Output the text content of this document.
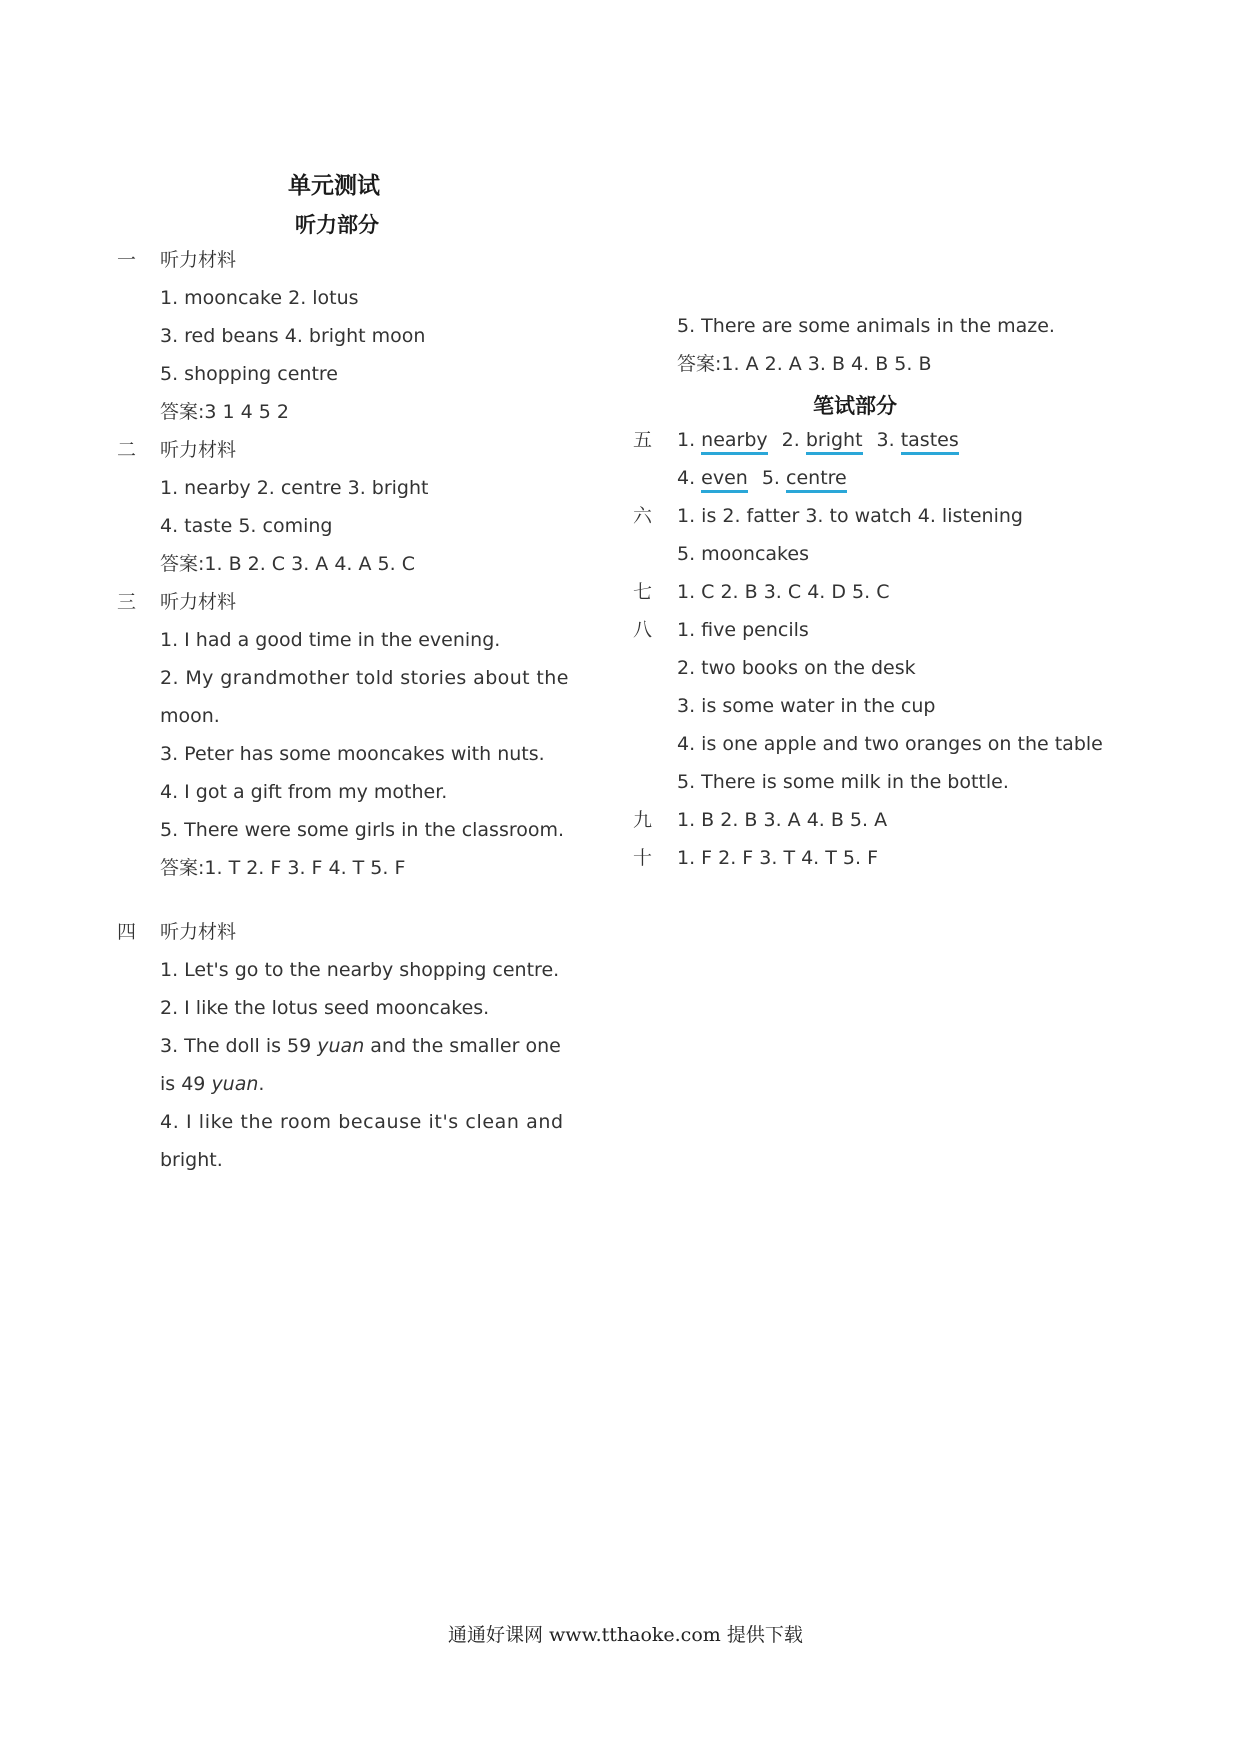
单元测试
听力部分
一 听力材料
1. mooncake 2. lotus
3. red beans 4. bright moon
5. shopping centre
答案:3 1 4 5 2
二 听力材料
1. nearby 2. centre 3. bright
4. taste 5. coming
答案:1. B 2. C 3. A 4. A 5. C
三 听力材料
1. I had a good time in the evening.
2. My grandmother told stories about the
moon.
3. Peter has some mooncakes with nuts.
4. I got a gift from my mother.
5. There were some girls in the classroom.
答案:1. T 2. F 3. F 4. T 5. F
四 听力材料
1. Let's go to the nearby shopping centre.
2. I like the lotus seed mooncakes.
3. The doll is 59 yuan and the smaller one
is 49 yuan.
4. I like the room because it's clean and
bright.
5. There are some animals in the maze.
答案:1. A 2. A 3. B 4. B 5. B
笔试部分
五 1. nearby 2. bright 3. tastes
4. even 5. centre
六 1. is 2. fatter 3. to watch 4. listening
5. mooncakes
七 1. C 2. B 3. C 4. D 5. C
八 1. five pencils
2. two books on the desk
3. is some water in the cup
4. is one apple and two oranges on the table
5. There is some milk in the bottle.
九 1. B 2. B 3. A 4. B 5. A
十 1. F 2. F 3. T 4. T 5. F
通通好课网 www.tthaoke.com 提供下载
